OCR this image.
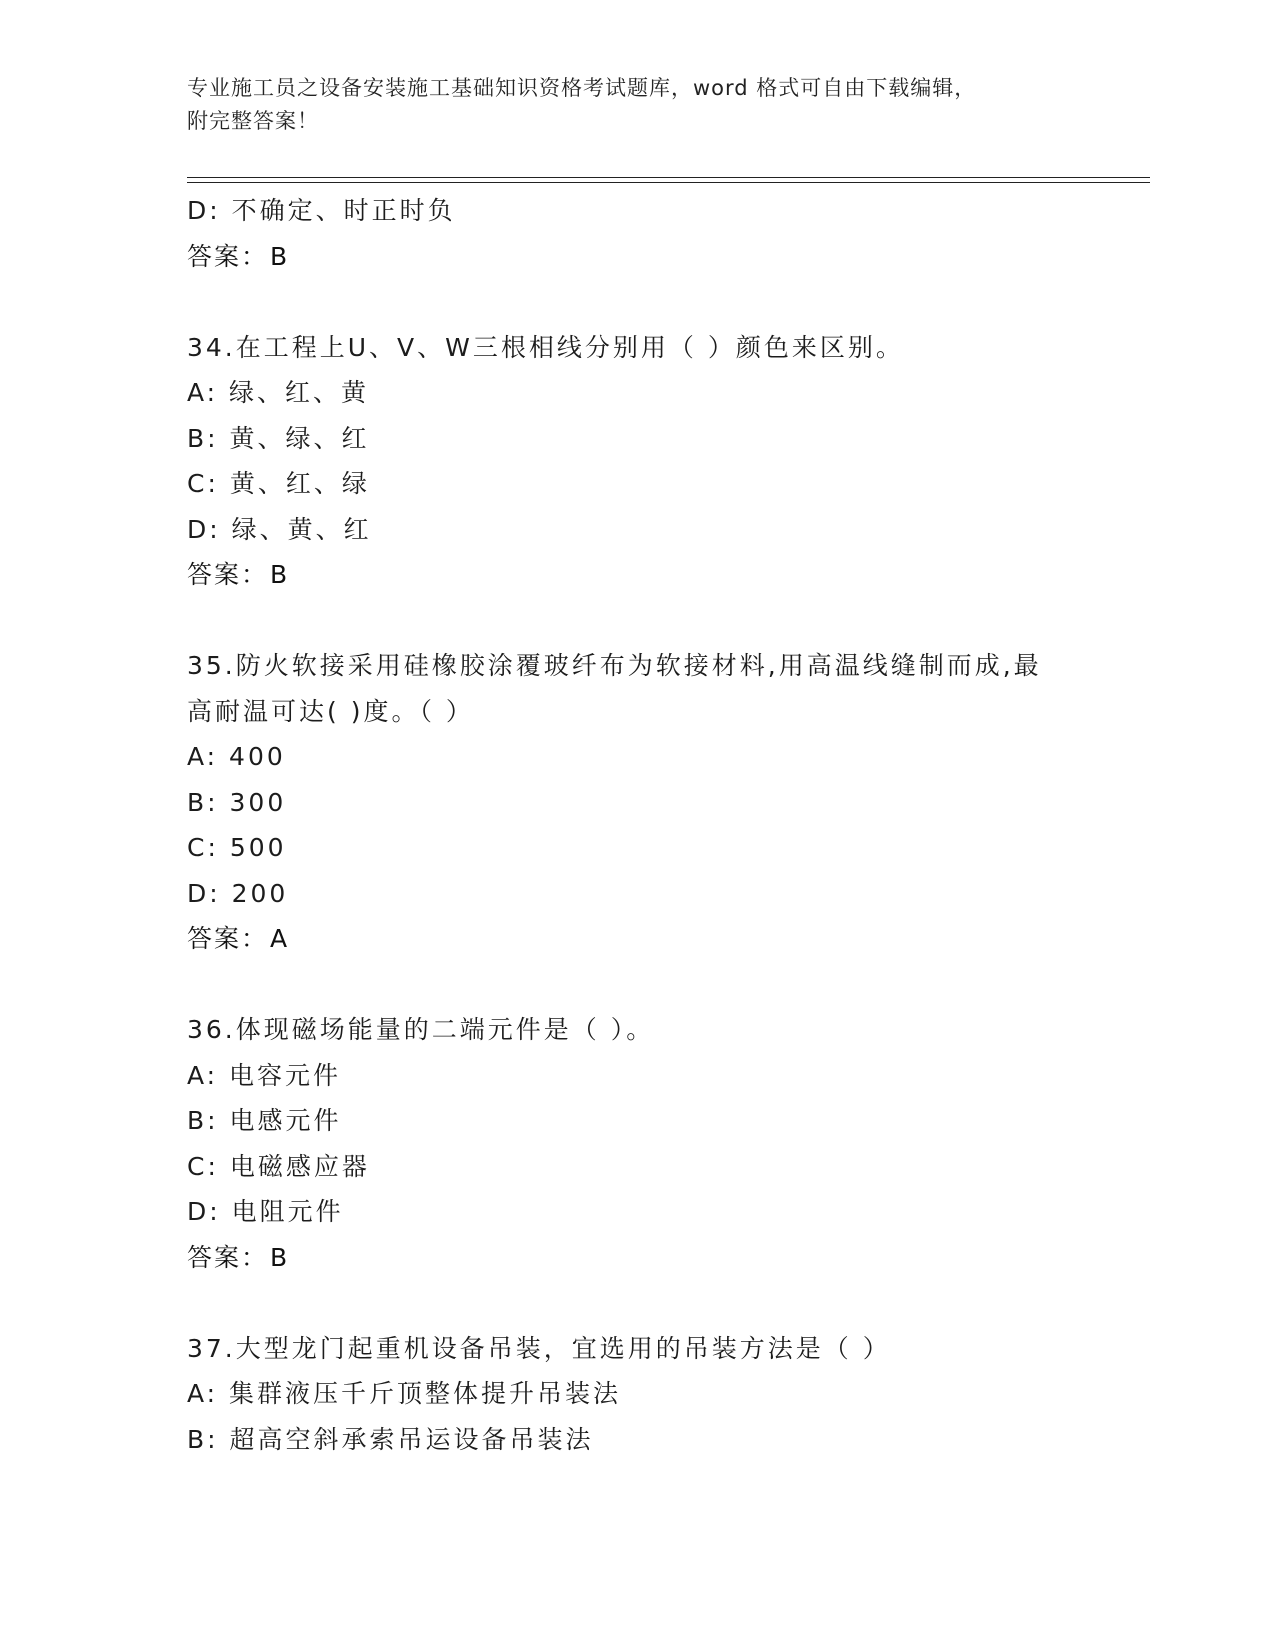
专业施工员之设备安装施工基础知识资格考试题库，word 格式可自由下载编辑，
附完整答案！
D: 不确定、时正时负
答案：B
34.在工程上U、V、W三根相线分别用（ ）颜色来区别。
A: 绿、红、黄
B: 黄、绿、红
C: 黄、红、绿
D: 绿、黄、红
答案：B
35.防火软接采用硅橡胶涂覆玻纤布为软接材料,用高温线缝制而成,最
高耐温可达( )度。（ ）
A: 400
B: 300
C: 500
D: 200
答案：A
36.体现磁场能量的二端元件是（ ）。
A: 电容元件
B: 电感元件
C: 电磁感应器
D: 电阻元件
答案：B
37.大型龙门起重机设备吊装，宜选用的吊装方法是（ ）
A: 集群液压千斤顶整体提升吊装法
B: 超高空斜承索吊运设备吊装法
